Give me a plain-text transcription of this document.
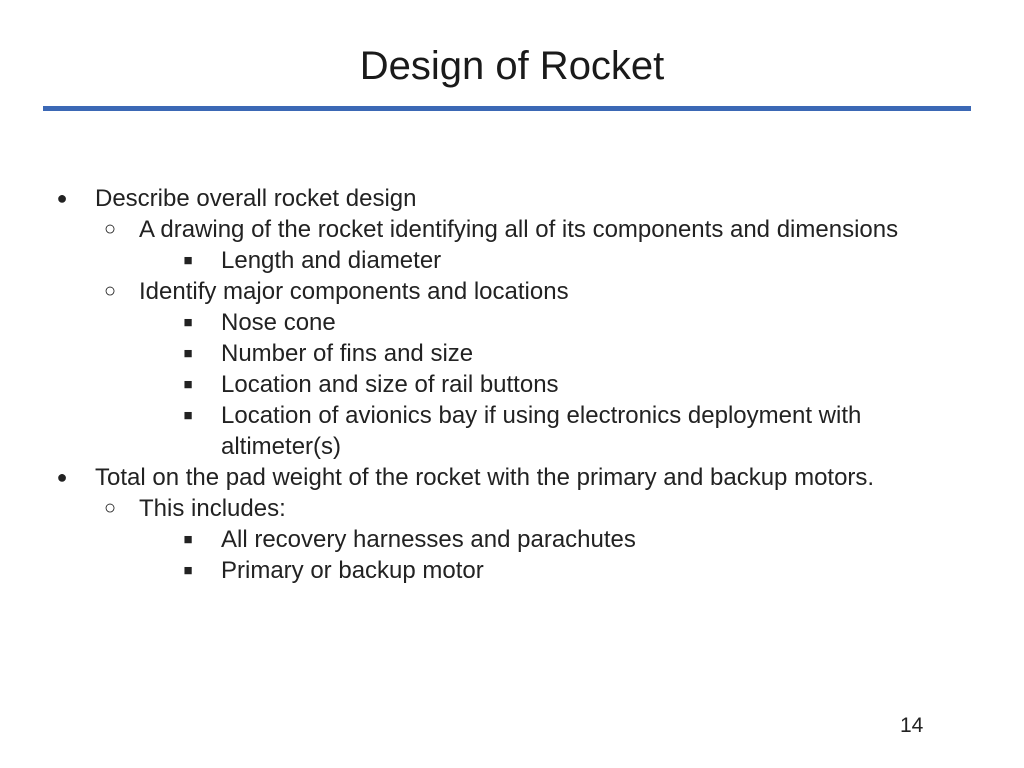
Design of Rocket
● Describe overall rocket design
○ A drawing of the rocket identifying all of its components and dimensions
■ Length and diameter
○ Identify major components and locations
■ Nose cone
■ Number of fins and size
■ Location and size of rail buttons
■ Location of avionics bay if using electronics deployment with
altimeter(s)
● Total on the pad weight of the rocket with the primary and backup motors.
○ This includes:
■ All recovery harnesses and parachutes
■ Primary or backup motor
14
